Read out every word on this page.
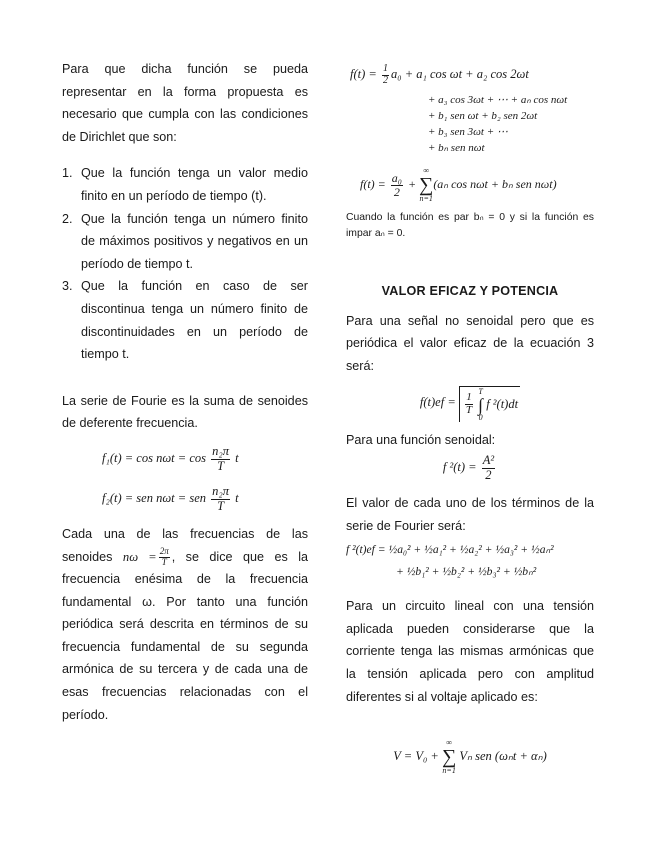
Para que dicha función se pueda representar en la forma propuesta es necesario que cumpla con las condiciones de Dirichlet que son:

1. Que la función tenga un valor medio finito en un período de tiempo (t).
2. Que la función tenga un número finito de máximos positivos y negativos en un período de tiempo t.
3. Que la función en caso de ser discontinua tenga un número finito de discontinuidades en un período de tiempo t.

La serie de Fourie es la suma de senoides de deferente frecuencia.

$f_1(t) = \cos n\omega t = \cos \frac{\text{n₂π}}{T}$ t
f₂(t) = sen nωt = sen $\frac{\text{n₂π}}{T}$ t

Cada una de las frecuencias de las senoides $n\omega = \frac{2\pi}{T}$ , se dice que es la frecuencia enésima de la frecuencia fundamental ω. Por tanto una función periódica será descrita en términos de su frecuencia fundamental de su segunda armónica de su tercera y de cada una de esas frecuencias relacionadas con el período.

$f(t) = \frac{1}{2} a_0 + a_1$ cos ωt + a₂ cos 2ωt
+ a₃ cos 3ωt + ⋯ + aₙ cos nωt
+ b₁ sen ωt + b₂ sen 2ωt
+ b₃ sen 3ωt + ⋯
+ bₙ sen nωt
$f(t) = \frac{\text{a₀}}{2}$ +
∞
∑
n=1
(aₙ cos nωt + bₙ sen nωt)

Cuando la función es par bₙ = 0 y si la función es impar aₙ = 0.

VALOR EFICAZ Y POTENCIA

Para una señal no senoidal pero que es periódica el valor eficaz de la ecuación 3 será:

$f(t)ef = \frac{1}{T}$

T
∫
0
f ²(t)dt

Para una función senoidal:

f $^2(t) = \frac{\text{A²}}{2}$

El valor de cada uno de los términos de la serie de Fourier será:

f ²(t)ef = ½a₀² + ½a₁² + ½a₂² + ½a₃² + ½aₙ²
+ ½b₁² + ½b₂² + ½b₃² + ½bₙ²

Para un circuito lineal con una tensión aplicada pueden considerarse que la corriente tenga las mismas armónicas que la tensión aplicada pero con amplitud diferentes si al voltaje aplicado es:

V = V₀ +
∞
∑
n=1
Vₙ sen (ωₙt + αₙ)
